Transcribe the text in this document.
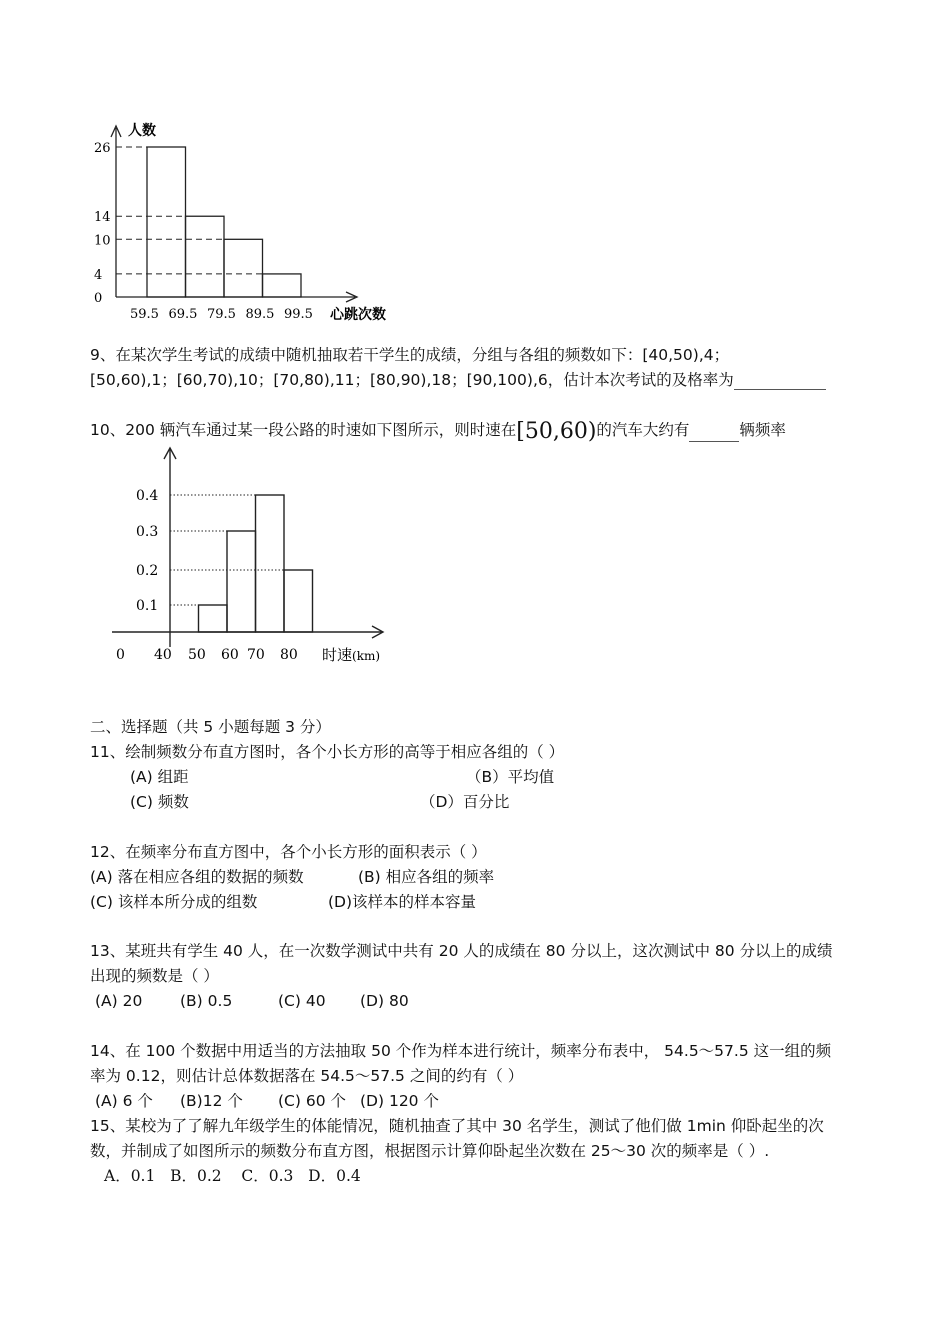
26
14
10
4
0
59.5 69.5 79.5 89.5 99.5
人数
心跳次数
9、在某次学生考试的成绩中随机抽取若干学生的成绩，分组与各组的频数如下：[40,50),4；
[50,60),1；[60,70),10；[70,80),11；[80,90),18；[90,100),6，估计本次考试的及格率为
10、200 辆汽车通过某一段公路的时速如下图所示，则时速在[50,60)的汽车大约有	辆频率
0.4
0.3
0.2
0.1
0 40 50 60 70 80 时速(km)
二、选择题（共 5 小题每题 3 分）
11、绘制频数分布直方图时，各个小长方形的高等于相应各组的（ ）
(A) 组距	（B）平均值
(C) 频数	（D）百分比
12、在频率分布直方图中，各个小长方形的面积表示（ ）
(A) 落在相应各组的数据的频数	(B) 相应各组的频率
(C) 该样本所分成的组数	(D)该样本的样本容量
13、某班共有学生 40 人，在一次数学测试中共有 20 人的成绩在 80 分以上，这次测试中 80 分以上的成绩
出现的频数是（ ）
(A) 20 (B) 0.5	(C) 40 (D) 80
14、在 100 个数据中用适当的方法抽取 50 个作为样本进行统计，频率分布表中， 54.5～57.5 这一组的频
率为 0.12，则估计总体数据落在 54.5～57.5 之间的约有（ ）
(A) 6 个 (B)12 个 (C) 60 个 (D) 120 个
15、某校为了了解九年级学生的体能情况，随机抽查了其中 30 名学生，测试了他们做 1min 仰卧起坐的次
数，并制成了如图所示的频数分布直方图，根据图示计算仰卧起坐次数在 25～30 次的频率是（ ）.
A．0.1   B．0.2    C．0.3   D．0.4
